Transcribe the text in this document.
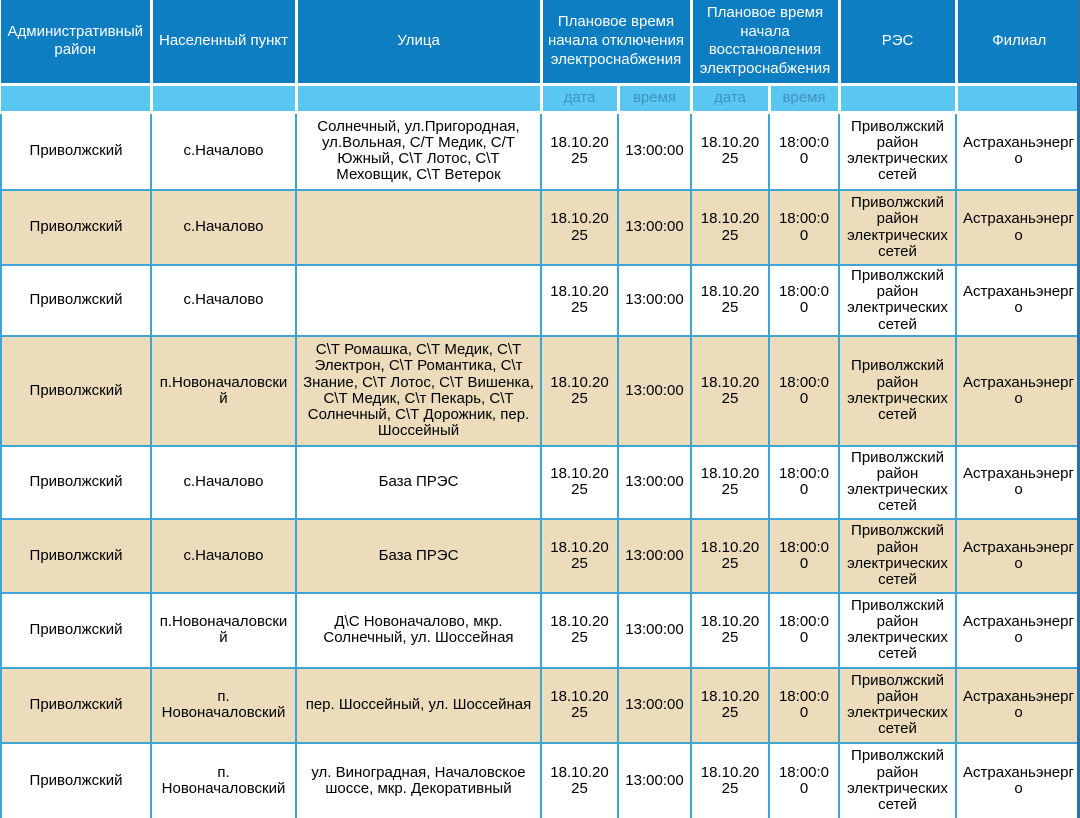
Административный район	Населенный пункт	Улица	Плановое время начала отключения электроснабжения		Плановое время начала восстановления электроснабжения		РЭС	Филиал
			дата	время	дата	время		
Приволжский	с.Началово	Солнечный, ул.Пригородная, ул.Вольная, С/Т Медик, С/Т Южный, С\Т Лотос, С\Т Меховщик, С\Т Ветерок	18.10.2025	13:00:00	18.10.2025	18:00:00	Приволжский район электрических сетей	Астраханьэнерго
Приволжский	с.Началово		18.10.2025	13:00:00	18.10.2025	18:00:00	Приволжский район электрических сетей	Астраханьэнерго
Приволжский	с.Началово		18.10.2025	13:00:00	18.10.2025	18:00:00	Приволжский район электрических сетей	Астраханьэнерго
Приволжский	п.Новоначаловский	С\Т Ромашка, С\Т Медик, С\Т Электрон, С\Т Романтика, С\т Знание, С\Т Лотос, С\Т Вишенка, С\Т Медик, С\т Пекарь, С\Т Солнечный, С\Т Дорожник, пер. Шоссейный	18.10.2025	13:00:00	18.10.2025	18:00:00	Приволжский район электрических сетей	Астраханьэнерго
Приволжский	с.Началово	База ПРЭС	18.10.2025	13:00:00	18.10.2025	18:00:00	Приволжский район электрических сетей	Астраханьэнерго
Приволжский	с.Началово	База ПРЭС	18.10.2025	13:00:00	18.10.2025	18:00:00	Приволжский район электрических сетей	Астраханьэнерго
Приволжский	п.Новоначаловский	Д\С Новоначалово, мкр. Солнечный, ул. Шоссейная	18.10.2025	13:00:00	18.10.2025	18:00:00	Приволжский район электрических сетей	Астраханьэнерго
Приволжский	п. Новоначаловский	пер. Шоссейный, ул. Шоссейная	18.10.2025	13:00:00	18.10.2025	18:00:00	Приволжский район электрических сетей	Астраханьэнерго
Приволжский	п. Новоначаловский	ул. Виноградная, Началовское шоссе, мкр. Декоративный	18.10.2025	13:00:00	18.10.2025	18:00:00	Приволжский район электрических сетей	Астраханьэнерго
